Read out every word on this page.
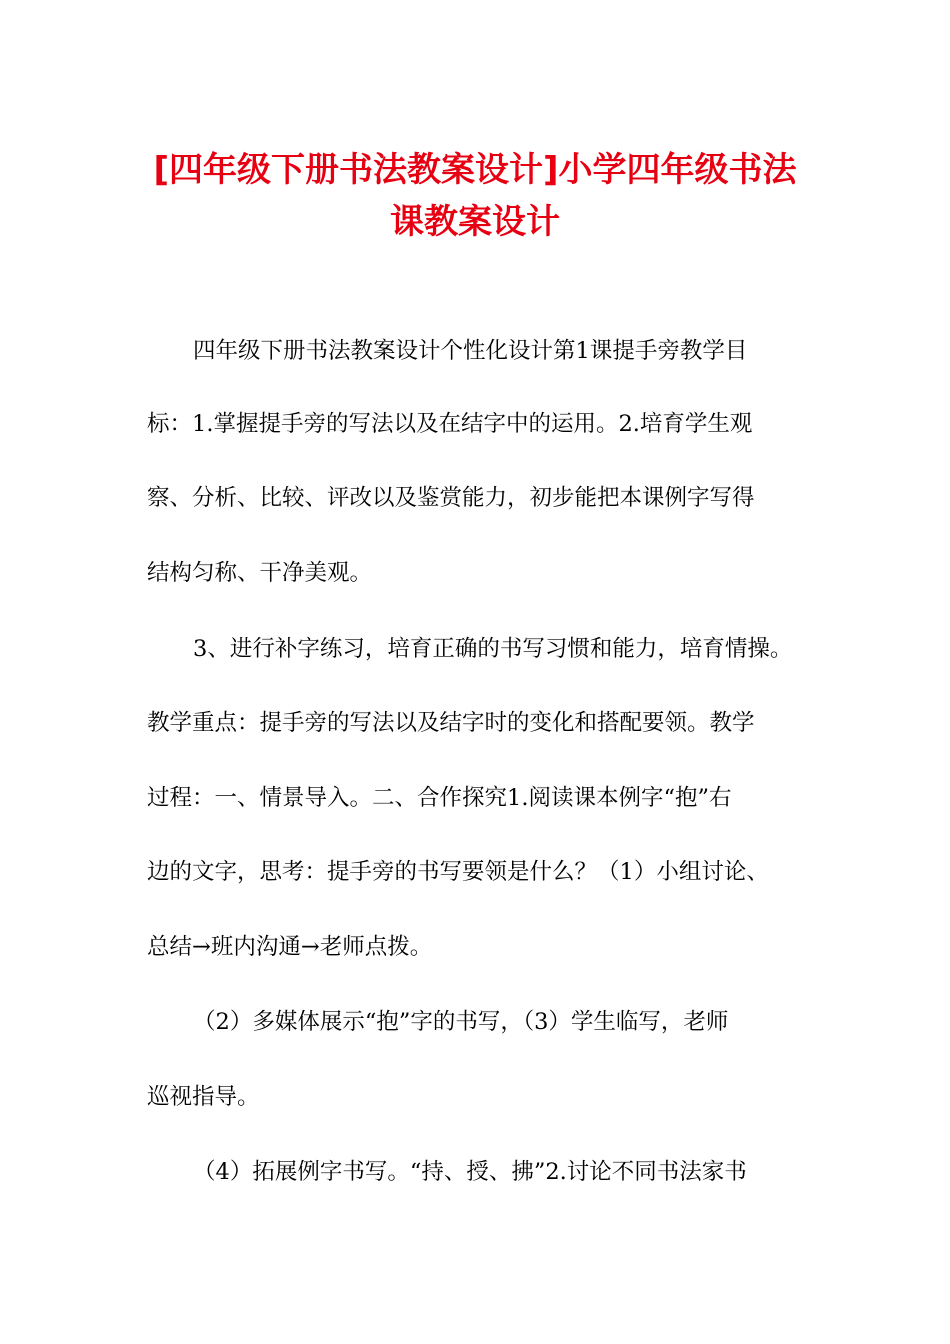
[四年级下册书法教案设计]小学四年级书法
课教案设计
四年级下册书法教案设计个性化设计第1课提手旁教学目
标：1.掌握提手旁的写法以及在结字中的运用。2.培育学生观
察、分析、比较、评改以及鉴赏能力，初步能把本课例字写得
结构匀称、干净美观。
3、进行补字练习，培育正确的书写习惯和能力，培育情操。
教学重点：提手旁的写法以及结字时的变化和搭配要领。教学
过程：一、情景导入。二、合作探究1.阅读课本例字“抱”右
边的文字，思考：提手旁的书写要领是什么？（1）小组讨论、
总结→班内沟通→老师点拨。
（2）多媒体展示“抱”字的书写，（3）学生临写，老师
巡视指导。
（4）拓展例字书写。“持、授、拂”2.讨论不同书法家书
